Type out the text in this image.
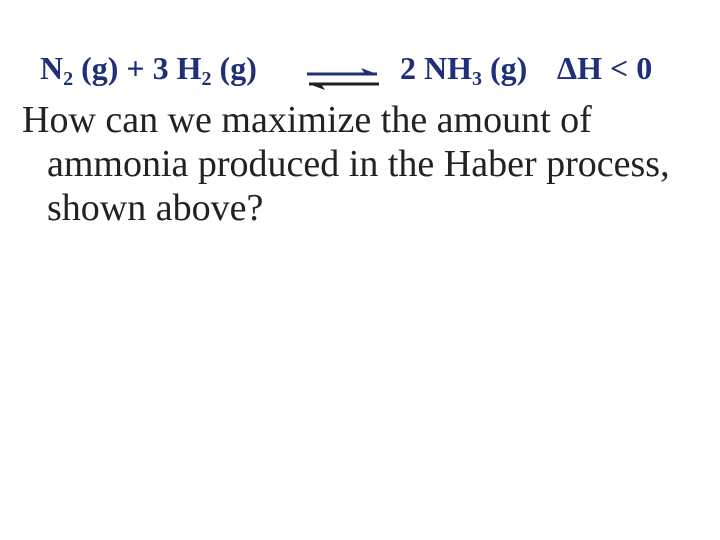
$N_2$ (g) + 3 $H_2$ (g) ⇌ 2 $NH_3$ (g) ΔH < 0
How can we maximize the amount of
ammonia produced in the Haber process,
shown above?
